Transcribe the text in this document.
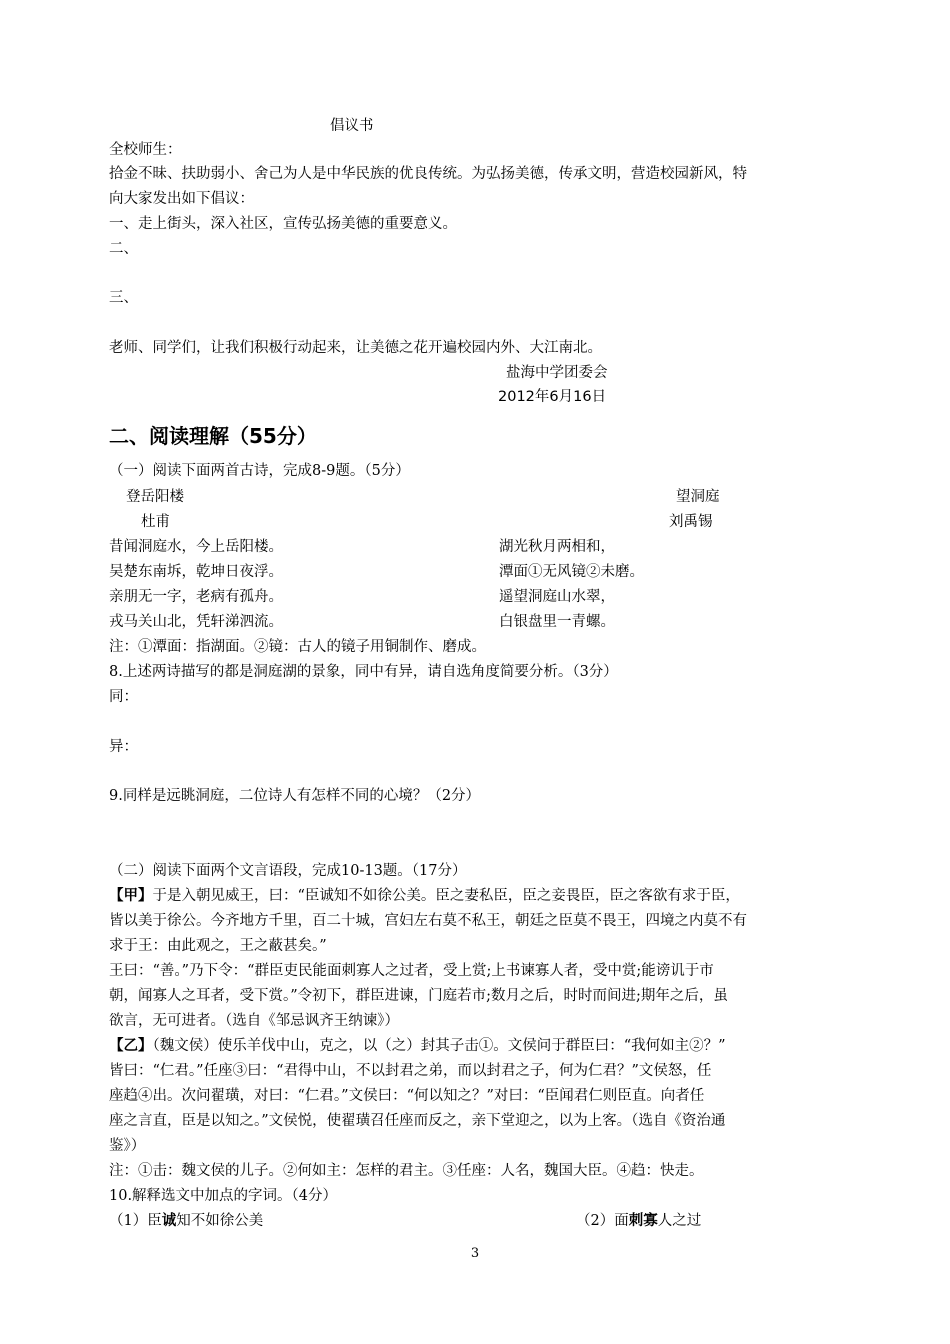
倡议书
全校师生：
拾金不昧、扶助弱小、舍己为人是中华民族的优良传统。为弘扬美德，传承文明，营造校园新风，特
向大家发出如下倡议：
一、走上街头，深入社区，宣传弘扬美德的重要意义。
二、
三、
老师、同学们，让我们积极行动起来，让美德之花开遍校园内外、大江南北。
盐海中学团委会
2012年6月16日
二、阅读理解（55分）
（一）阅读下面两首古诗，完成8-9题。（5分）
登岳阳楼	望洞庭
杜甫	刘禹锡
昔闻洞庭水，今上岳阳楼。	湖光秋月两相和，
吴楚东南坼，乾坤日夜浮。	潭面①无风镜②未磨。
亲朋无一字，老病有孤舟。	遥望洞庭山水翠，
戎马关山北，凭轩涕泗流。	白银盘里一青螺。
注：①潭面：指湖面。②镜：古人的镜子用铜制作、磨成。
8.上述两诗描写的都是洞庭湖的景象，同中有异，请自选角度简要分析。（3分）
同：
异：
9.同样是远眺洞庭，二位诗人有怎样不同的心境？（2分）
（二）阅读下面两个文言语段，完成10-13题。（17分）
【甲】于是入朝见威王，曰：“臣诚知不如徐公美。臣之妻私臣，臣之妾畏臣，臣之客欲有求于臣，
皆以美于徐公。今齐地方千里，百二十城，宫妇左右莫不私王，朝廷之臣莫不畏王，四境之内莫不有
求于王：由此观之，王之蔽甚矣。”
王曰：“善。”乃下令：“群臣吏民能面刺寡人之过者，受上赏;上书谏寡人者，受中赏;能谤讥于市
朝，闻寡人之耳者，受下赏。”令初下，群臣进谏，门庭若市;数月之后，时时而间进;期年之后，虽
欲言，无可进者。（选自《邹忌讽齐王纳谏》）
【乙】（魏文侯）使乐羊伐中山，克之，以（之）封其子击①。文侯问于群臣曰：“我何如主②？”
皆曰：“仁君。”任座③曰：“君得中山，不以封君之弟，而以封君之子，何为仁君？”文侯怒，任
座趋④出。次问翟璜，对曰：“仁君。”文侯曰：“何以知之？”对曰：“臣闻君仁则臣直。向者任
座之言直，臣是以知之。”文侯悦，使翟璜召任座而反之，亲下堂迎之，以为上客。（选自《资治通
鉴》）
注：①击：魏文侯的儿子。②何如主：怎样的君主。③任座：人名，魏国大臣。④趋：快走。
10.解释选文中加点的字词。（4分）
（1）臣诚知不如徐公美	（2）面刺寡人之过
3
